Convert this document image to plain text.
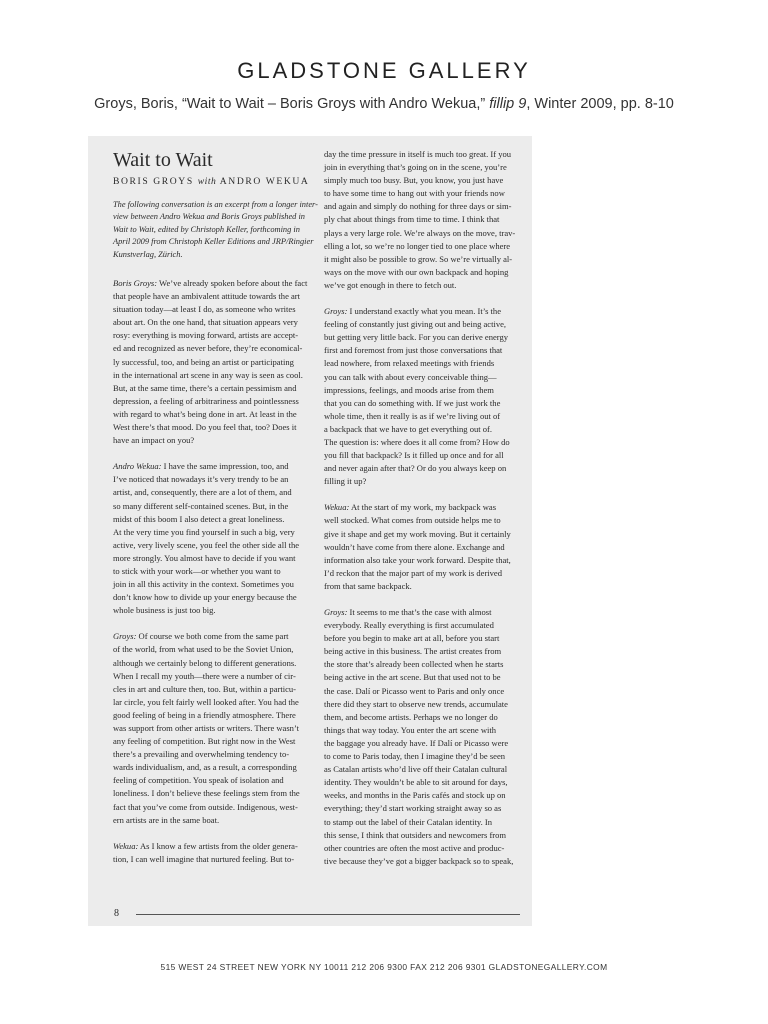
GLADSTONE GALLERY
Groys, Boris, “Wait to Wait – Boris Groys with Andro Wekua,” fillip 9, Winter 2009, pp. 8-10
Wait to Wait
BORIS GROYS with ANDRO WEKUA
The following conversation is an excerpt from a longer inter-
view between Andro Wekua and Boris Groys published in
Wait to Wait, edited by Christoph Keller, forthcoming in
April 2009 from Christoph Keller Editions and JRP/Ringier
Kunstverlag, Zürich.

Boris Groys: We’ve already spoken before about the fact
that people have an ambivalent attitude towards the art
situation today—at least I do, as someone who writes
about art. On the one hand, that situation appears very
rosy: everything is moving forward, artists are accept-
ed and recognized as never before, they’re economical-
ly successful, too, and being an artist or participating
in the international art scene in any way is seen as cool.
But, at the same time, there’s a certain pessimism and
depression, a feeling of arbitrariness and pointlessness
with regard to what’s being done in art. At least in the
West there’s that mood. Do you feel that, too? Does it
have an impact on you?

Andro Wekua: I have the same impression, too, and
I’ve noticed that nowadays it’s very trendy to be an
artist, and, consequently, there are a lot of them, and
so many different self-contained scenes. But, in the
midst of this boom I also detect a great loneliness.
At the very time you find yourself in such a big, very
active, very lively scene, you feel the other side all the
more strongly. You almost have to decide if you want
to stick with your work—or whether you want to
join in all this activity in the context. Sometimes you
don’t know how to divide up your energy because the
whole business is just too big.

Groys: Of course we both come from the same part
of the world, from what used to be the Soviet Union,
although we certainly belong to different generations.
When I recall my youth—there were a number of cir-
cles in art and culture then, too. But, within a particu-
lar circle, you felt fairly well looked after. You had the
good feeling of being in a friendly atmosphere. There
was support from other artists or writers. There wasn’t
any feeling of competition. But right now in the West
there’s a prevailing and overwhelming tendency to-
wards individualism, and, as a result, a corresponding
feeling of competition. You speak of isolation and
loneliness. I don’t believe these feelings stem from the
fact that you’ve come from outside. Indigenous, west-
ern artists are in the same boat.

Wekua: As I know a few artists from the older genera-
tion, I can well imagine that nurtured feeling. But to-

day the time pressure in itself is much too great. If you
join in everything that’s going on in the scene, you’re
simply much too busy. But, you know, you just have
to have some time to hang out with your friends now
and again and simply do nothing for three days or sim-
ply chat about things from time to time. I think that
plays a very large role. We’re always on the move, trav-
elling a lot, so we’re no longer tied to one place where
it might also be possible to grow. So we’re virtually al-
ways on the move with our own backpack and hoping
we’ve got enough in there to fetch out.

Groys: I understand exactly what you mean. It’s the
feeling of constantly just giving out and being active,
but getting very little back. For you can derive energy
first and foremost from just those conversations that
lead nowhere, from relaxed meetings with friends
you can talk with about every conceivable thing—
impressions, feelings, and moods arise from them
that you can do something with. If we just work the
whole time, then it really is as if we’re living out of
a backpack that we have to get everything out of.
The question is: where does it all come from? How do
you fill that backpack? Is it filled up once and for all
and never again after that? Or do you always keep on
filling it up?

Wekua: At the start of my work, my backpack was
well stocked. What comes from outside helps me to
give it shape and get my work moving. But it certainly
wouldn’t have come from there alone. Exchange and
information also take your work forward. Despite that,
I’d reckon that the major part of my work is derived
from that same backpack.

Groys: It seems to me that’s the case with almost
everybody. Really everything is first accumulated
before you begin to make art at all, before you start
being active in this business. The artist creates from
the store that’s already been collected when he starts
being active in the art scene. But that used not to be
the case. Dalí or Picasso went to Paris and only once
there did they start to observe new trends, accumulate
them, and become artists. Perhaps we no longer do
things that way today. You enter the art scene with
the baggage you already have. If Dalí or Picasso were
to come to Paris today, then I imagine they’d be seen
as Catalan artists who’d live off their Catalan cultural
identity. They wouldn’t be able to sit around for days,
weeks, and months in the Paris cafés and stock up on
everything; they’d start working straight away so as
to stamp out the label of their Catalan identity. In
this sense, I think that outsiders and newcomers from
other countries are often the most active and produc-
tive because they’ve got a bigger backpack so to speak,

8
515 WEST 24 STREET NEW YORK NY 10011 212 206 9300 FAX 212 206 9301 GLADSTONEGALLERY.COM
